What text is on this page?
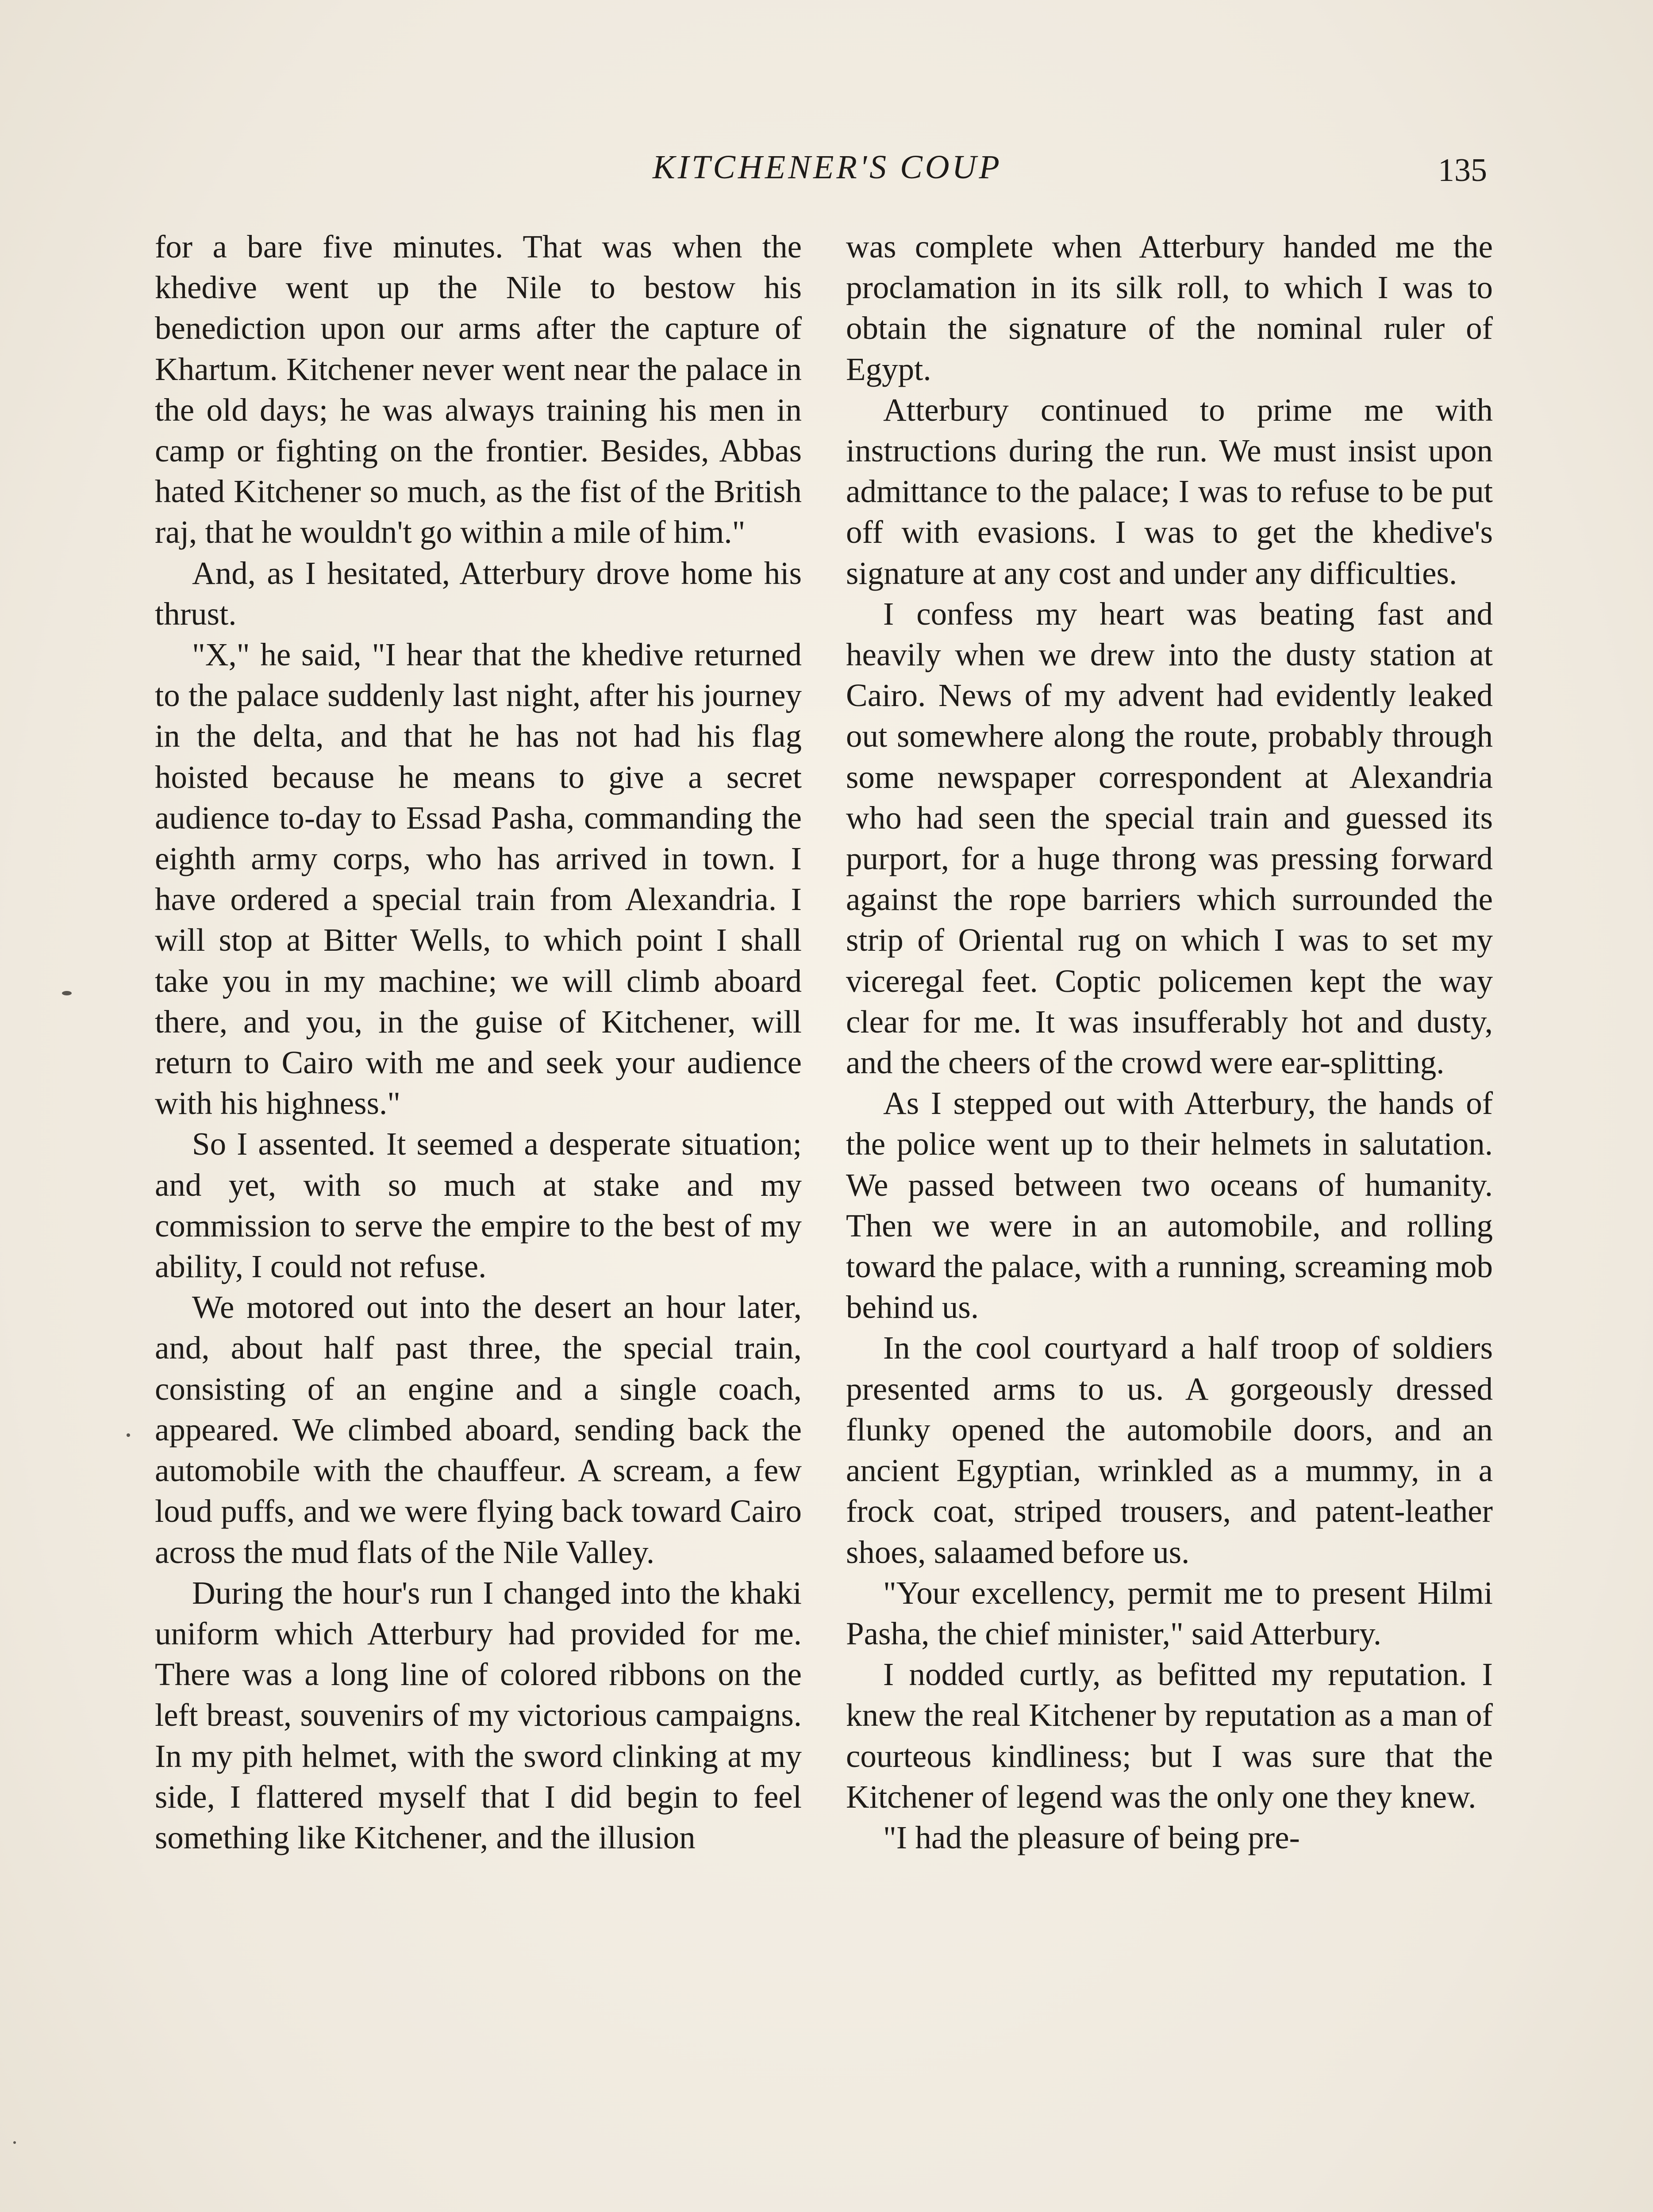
KITCHENER'S COUP	135

for a bare five minutes. That was when the khedive went up the Nile to bestow his benediction upon our arms after the capture of Khartum. Kitchener never went near the palace in the old days; he was always training his men in camp or fighting on the frontier. Besides, Abbas hated Kitchener so much, as the fist of the British raj, that he wouldn't go within a mile of him."

And, as I hesitated, Atterbury drove home his thrust.

"X," he said, "I hear that the khedive returned to the palace suddenly last night, after his journey in the delta, and that he has not had his flag hoisted because he means to give a secret audience to-day to Essad Pasha, commanding the eighth army corps, who has arrived in town. I have ordered a special train from Alexandria. I will stop at Bitter Wells, to which point I shall take you in my machine; we will climb aboard there, and you, in the guise of Kitchener, will return to Cairo with me and seek your audience with his highness."

So I assented. It seemed a desperate situation; and yet, with so much at stake and my commission to serve the empire to the best of my ability, I could not refuse.

We motored out into the desert an hour later, and, about half past three, the special train, consisting of an engine and a single coach, appeared. We climbed aboard, sending back the automobile with the chauffeur. A scream, a few loud puffs, and we were flying back toward Cairo across the mud flats of the Nile Valley.

During the hour's run I changed into the khaki uniform which Atterbury had provided for me. There was a long line of colored ribbons on the left breast, souvenirs of my victorious campaigns. In my pith helmet, with the sword clinking at my side, I flattered myself that I did begin to feel something like Kitchener, and the illusion

was complete when Atterbury handed me the proclamation in its silk roll, to which I was to obtain the signature of the nominal ruler of Egypt.

Atterbury continued to prime me with instructions during the run. We must insist upon admittance to the palace; I was to refuse to be put off with evasions. I was to get the khedive's signature at any cost and under any difficulties.

I confess my heart was beating fast and heavily when we drew into the dusty station at Cairo. News of my advent had evidently leaked out somewhere along the route, probably through some newspaper correspondent at Alexandria who had seen the special train and guessed its purport, for a huge throng was pressing forward against the rope barriers which surrounded the strip of Oriental rug on which I was to set my viceregal feet. Coptic policemen kept the way clear for me. It was insufferably hot and dusty, and the cheers of the crowd were ear-splitting.

As I stepped out with Atterbury, the hands of the police went up to their helmets in salutation. We passed between two oceans of humanity. Then we were in an automobile, and rolling toward the palace, with a running, screaming mob behind us.

In the cool courtyard a half troop of soldiers presented arms to us. A gorgeously dressed flunky opened the automobile doors, and an ancient Egyptian, wrinkled as a mummy, in a frock coat, striped trousers, and patent-leather shoes, salaamed before us.

"Your excellency, permit me to present Hilmi Pasha, the chief minister," said Atterbury.

I nodded curtly, as befitted my reputation. I knew the real Kitchener by reputation as a man of courteous kindliness; but I was sure that the Kitchener of legend was the only one they knew.

"I had the pleasure of being pre-
